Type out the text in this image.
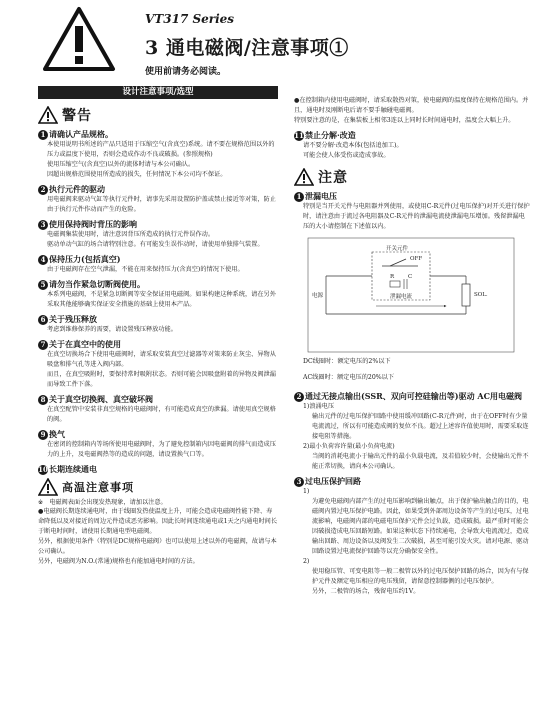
VT317 Series
3 通电磁阀/注意事项①
使用前请务必阅读。
设计注意事项/选型
警告
1 请确认产品规格。

本使用说明书所述的产品只适用于压缩空气(含真空)系统。请不要在规格范围以外的压力或温度下使用，否则会造成作动不良或破损。(参照规格)

使用压缩空气(含真空)以外的流体时请与本公司确认。

因超出规格范围使用所造成的损失，任何情况下本公司均不保证。

2 执行元件的驱动

用电磁阀来驱动气缸等执行元件时，请事先采用设置防护盖或禁止接近等对策，防止由于执行元件作动而产生的危险。

3 使用保持阀时背压的影响

电磁阀集装使用时，请注意因背压所造成的执行元件误作动。

驱动单动气缸的场合请特别注意。有可能发生误作动时，请使用单独排气装置。

4 保持压力(包括真空)

由于电磁阀存在空气泄漏，不能在用来保持压力(含真空)的情况下使用。

5 请勿当作紧急切断阀使用。

本系列电磁阀，不是紧急切断阀等安全保证用电磁阀。如果构建这种系统，请在另外采取其他能够确实保证安全措施的基础上使用本产品。

6 关于残压释放

考虑到维修保养的需要，请设置残压释放功能。

7 关于在真空中的使用

在真空切换场合下使用电磁阀时，请采取安装真空过滤器等对策来防止灰尘、异物从吸盘和排气孔等进入阀内部。

而且，在真空吸附时，要保持常时吸附状态。否则可能会因吸盘附着的异物及阀泄漏而导致工件下落。

8 关于真空切换阀、真空破坏阀

在真空配管中安装非真空规格的电磁阀时，有可能造成真空的泄漏。请使用真空规格的阀。

9 换气

在密闭的控制箱内等场所使用电磁阀时，为了避免控制箱内因电磁阀的排气而造成压力的上升，及电磁阀热等的造成的问题，请设置换气口等。

10长期连续通电
高温注意事项
※ 电磁阀表面会出现发热现象，请加以注意。

●电磁阀长期连续通电时，由于线圈发热使温度上升，可能会造成电磁阀性能下降、寿命降低以及对接近的周边元件造成恶劣影响。因此长时间连续通电或1天之内通电时间长于断电时间时，请使用长期通电型电磁阀。

另外，根据使用条件（特别是DC规格电磁阀）也可以使用上述以外的电磁阀，故请与本公司确认。

另外，电磁阀为N.O.(常通)规格也有能加通电时间的方法。

●在控制箱内使用电磁阀时，请采取散热对策，使电磁阀的温度保持在规格范围内。并且，通电时及刚断电后请不要手触碰电磁阀。

特别要注意的是，在集装板上相邻3连以上同时长时间通电时，温度会大幅上升。

11禁止分解·改造

请不要分解·改造本体(包括追加工)。

可能会使人体受伤或造成事故。

注意
1 泄漏电压

特别是当开关元件与电阻器并列使用，或使用C-R元件(过电压保护)对开关进行保护时，请注意由于流过各电阻器及C-R元件的泄漏电流使泄漏电压增加。残留泄漏电压的大小请控制在下述值以内。

开关元件
OFF
电源	泄漏电流
R	C
SOL.
DC线圈时：额定电压的2%以下
AC线圈时：额定电压的20%以下
2 通过无接点输出(SSR、双向可控硅输出等)驱动 AC用电磁阀
1)浪涌电压

输出元件的过电压保护回路中使用缓冲回路(C-R元件)时，由于在OFF时有少量电流流过，所以有可能造成阀的复位不良。超过上述容许值使用时，需要采取连接电阻等措施。

2)最小负荷容许量(最小负荷电流)

当阀的消耗电流小于输出元件的最小负载电流，及若值较少时，会使输出元件不能正常切换，请向本公司确认。

3 过电压保护回路
1)

为避免电磁阀内部产生的过电压影响到输出触点，出于保护输出触点的目的，电磁阀内置过电压保护电路。因此，如果受到外部周边设备等产生的过电压，过电流影响，电磁阀内部的电磁电压保护元件会过负载，造成破损。最严重时可能会因破损造成电压回路短路。如果这种状态下持续通电，会导致大电流流过，造成输出回路、周边设备以及阀发生二次破损，甚至可能引发火灾。请对电源、驱动回路设置过电流保护回路等以充分确保安全性。

2)

使用稳压管、可变电阻等一般二极管以外的过电压保护回路的场合，因为有与保护元件及额定电压相应的电压残留，请留意控制器侧的过电压保护。

另外，二极管的场合，残留电压约1V。
